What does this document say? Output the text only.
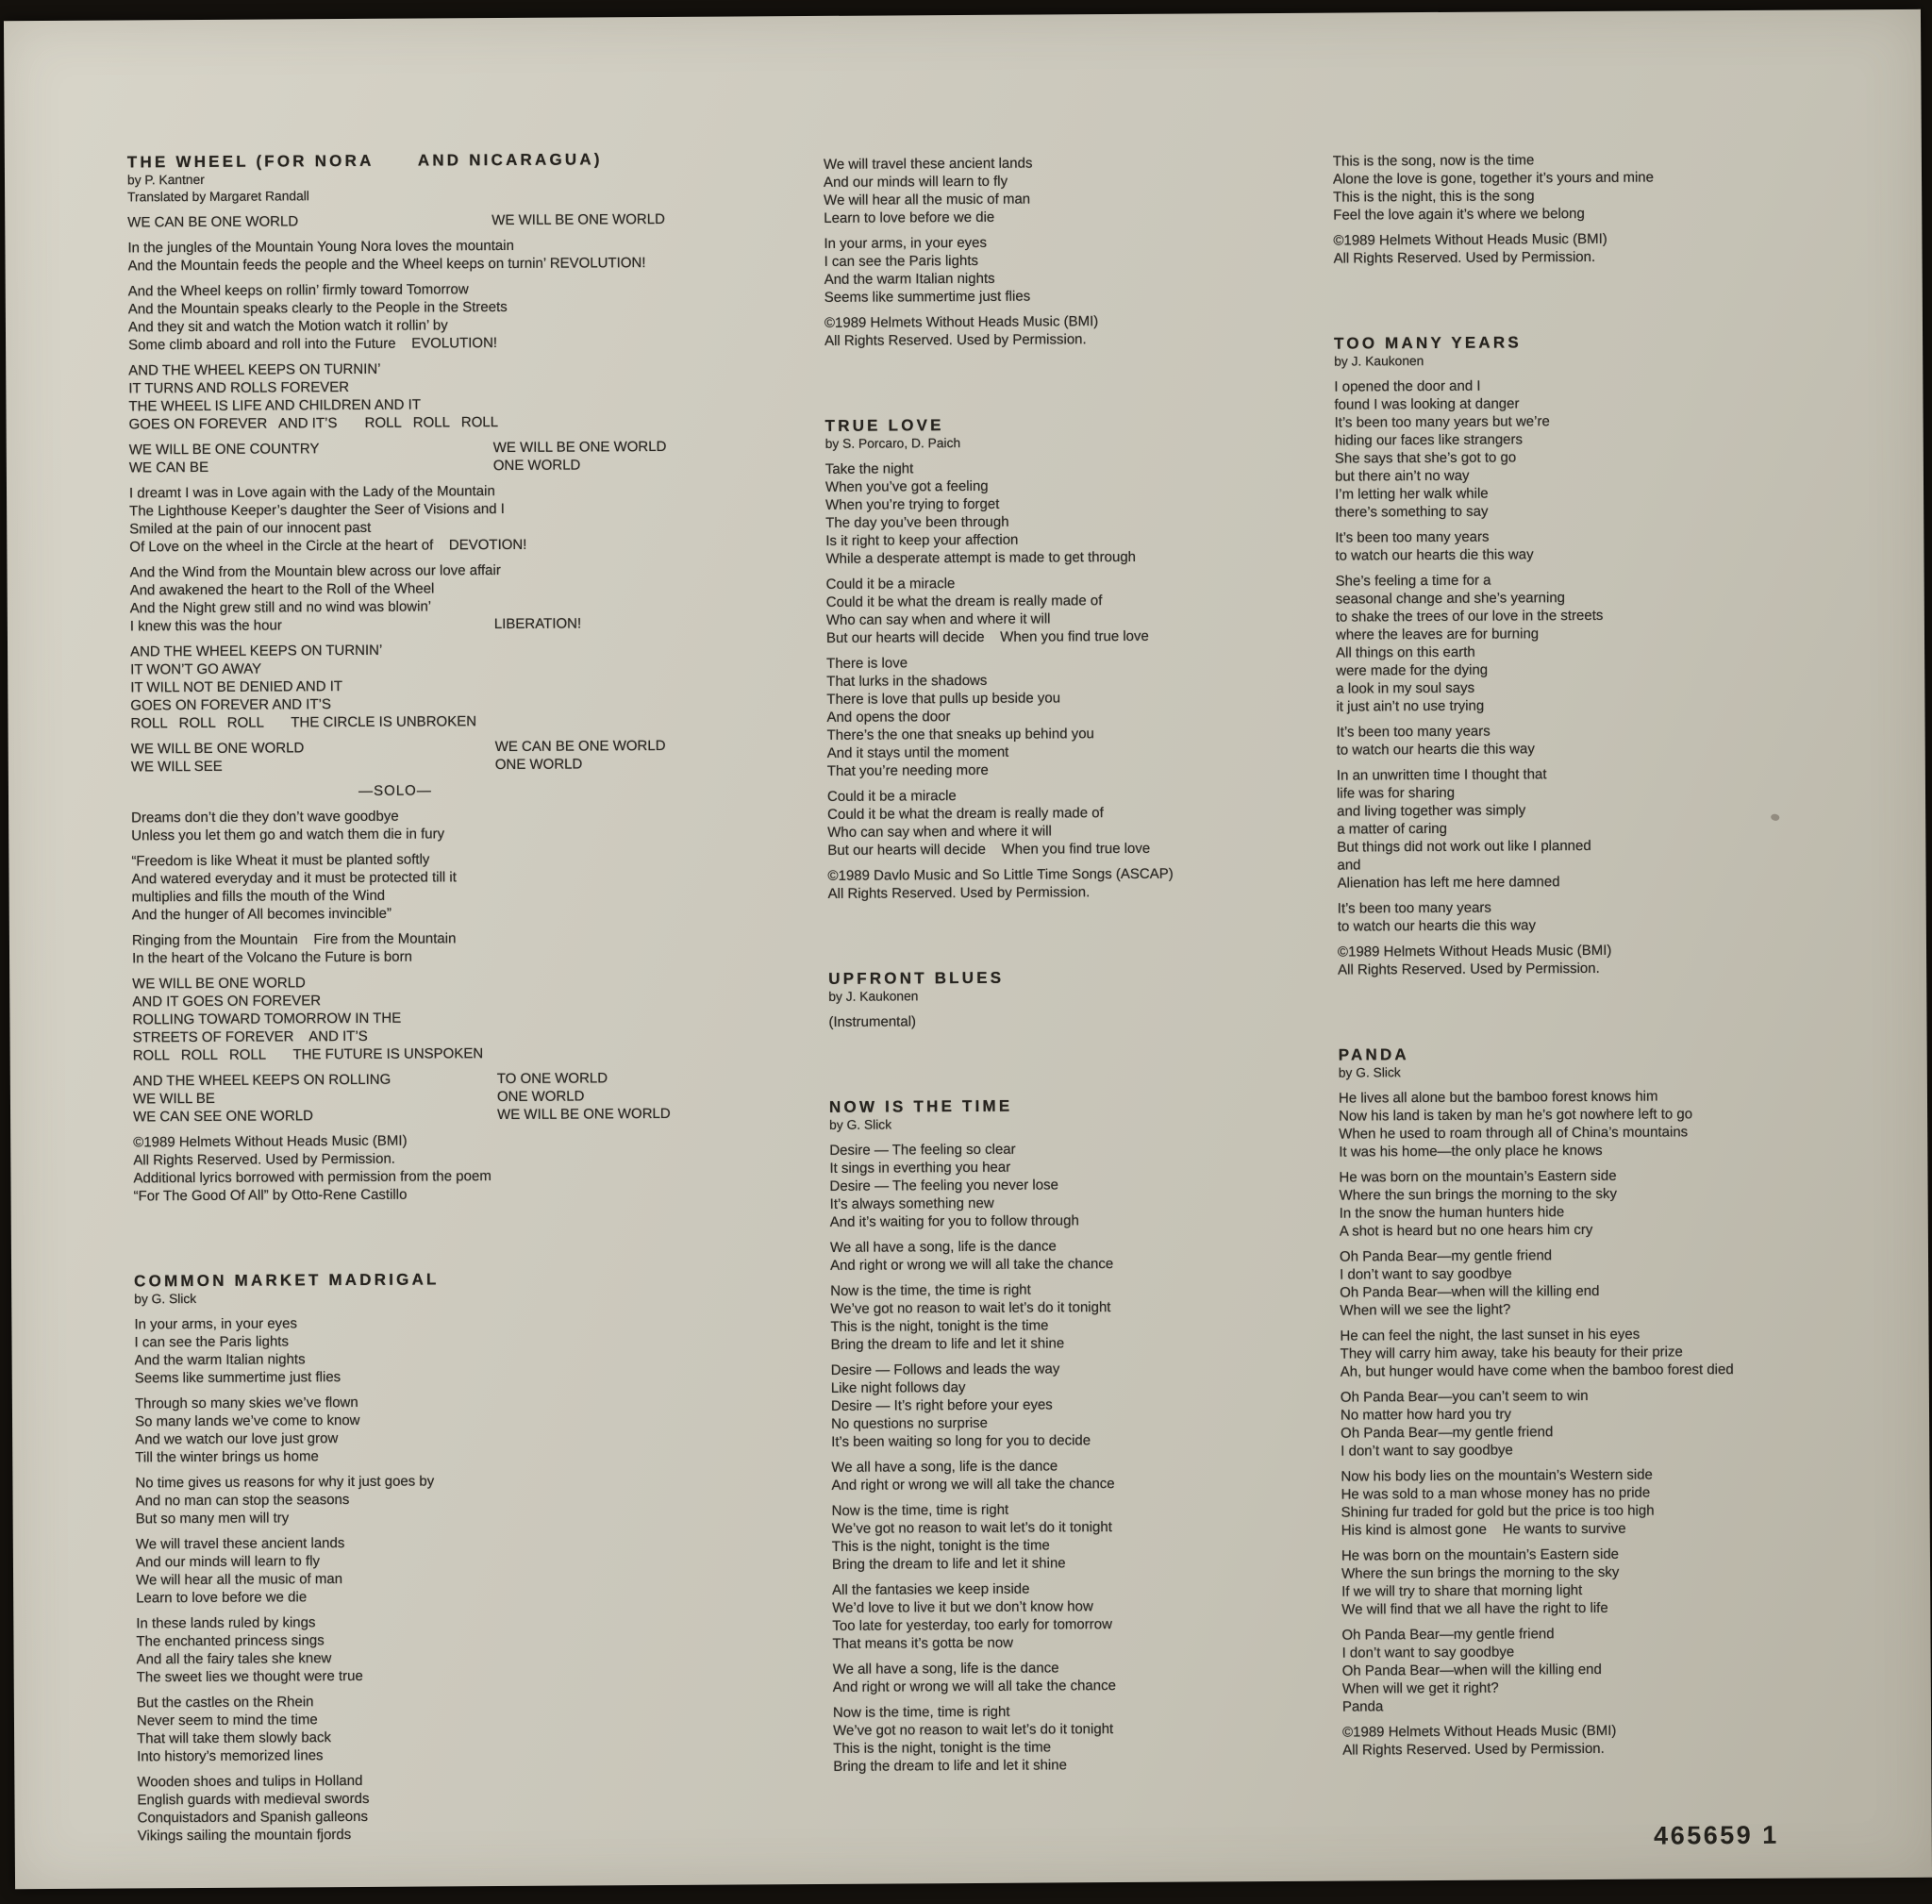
THE WHEEL (FOR NORA      AND NICARAGUA)
by P. Kantner
Translated by Margaret Randall
WE CAN BE ONE WORLD	WE WILL BE ONE WORLD
In the jungles of the Mountain Young Nora loves the mountain
And the Mountain feeds the people and the Wheel keeps on turnin’ REVOLUTION!
And the Wheel keeps on rollin’ firmly toward Tomorrow
And the Mountain speaks clearly to the People in the Streets
And they sit and watch the Motion watch it rollin’ by
Some climb aboard and roll into the Future    EVOLUTION!
AND THE WHEEL KEEPS ON TURNIN’
IT TURNS AND ROLLS FOREVER
THE WHEEL IS LIFE AND CHILDREN AND IT
GOES ON FOREVER   AND IT’S       ROLL   ROLL   ROLL
WE WILL BE ONE COUNTRY	WE WILL BE ONE WORLD
WE CAN BE	ONE WORLD
I dreamt I was in Love again with the Lady of the Mountain
The Lighthouse Keeper’s daughter the Seer of Visions and I
Smiled at the pain of our innocent past
Of Love on the wheel in the Circle at the heart of    DEVOTION!
And the Wind from the Mountain blew across our love affair
And awakened the heart to the Roll of the Wheel
And the Night grew still and no wind was blowin’
I knew this was the hour	LIBERATION!
AND THE WHEEL KEEPS ON TURNIN’
IT WON’T GO AWAY
IT WILL NOT BE DENIED AND IT
GOES ON FOREVER AND IT’S
ROLL   ROLL   ROLL       THE CIRCLE IS UNBROKEN
WE WILL BE ONE WORLD	WE CAN BE ONE WORLD
WE WILL SEE	ONE WORLD
—SOLO—
Dreams don’t die they don’t wave goodbye
Unless you let them go and watch them die in fury
“Freedom is like Wheat it must be planted softly
And watered everyday and it must be protected till it
multiplies and fills the mouth of the Wind
And the hunger of All becomes invincible”
Ringing from the Mountain    Fire from the Mountain
In the heart of the Volcano the Future is born
WE WILL BE ONE WORLD
AND IT GOES ON FOREVER
ROLLING TOWARD TOMORROW IN THE
STREETS OF FOREVER    AND IT’S
ROLL   ROLL   ROLL       THE FUTURE IS UNSPOKEN
AND THE WHEEL KEEPS ON ROLLING	TO ONE WORLD
WE WILL BE	ONE WORLD
WE CAN SEE ONE WORLD	WE WILL BE ONE WORLD
©1989 Helmets Without Heads Music (BMI)
All Rights Reserved. Used by Permission.
Additional lyrics borrowed with permission from the poem
“For The Good Of All” by Otto-Rene Castillo
COMMON MARKET MADRIGAL
by G. Slick
In your arms, in your eyes
I can see the Paris lights
And the warm Italian nights
Seems like summertime just flies
Through so many skies we’ve flown
So many lands we’ve come to know
And we watch our love just grow
Till the winter brings us home
No time gives us reasons for why it just goes by
And no man can stop the seasons
But so many men will try
We will travel these ancient lands
And our minds will learn to fly
We will hear all the music of man
Learn to love before we die
In these lands ruled by kings
The enchanted princess sings
And all the fairy tales she knew
The sweet lies we thought were true
But the castles on the Rhein
Never seem to mind the time
That will take them slowly back
Into history’s memorized lines
Wooden shoes and tulips in Holland
English guards with medieval swords
Conquistadors and Spanish galleons
Vikings sailing the mountain fjords
We will travel these ancient lands
And our minds will learn to fly
We will hear all the music of man
Learn to love before we die
In your arms, in your eyes
I can see the Paris lights
And the warm Italian nights
Seems like summertime just flies
©1989 Helmets Without Heads Music (BMI)
All Rights Reserved. Used by Permission.
TRUE LOVE
by S. Porcaro, D. Paich
Take the night
When you’ve got a feeling
When you’re trying to forget
The day you’ve been through
Is it right to keep your affection
While a desperate attempt is made to get through
Could it be a miracle
Could it be what the dream is really made of
Who can say when and where it will
But our hearts will decide    When you find true love
There is love
That lurks in the shadows
There is love that pulls up beside you
And opens the door
There’s the one that sneaks up behind you
And it stays until the moment
That you’re needing more
Could it be a miracle
Could it be what the dream is really made of
Who can say when and where it will
But our hearts will decide    When you find true love
©1989 Davlo Music and So Little Time Songs (ASCAP)
All Rights Reserved. Used by Permission.
UPFRONT BLUES
by J. Kaukonen
(Instrumental)
NOW IS THE TIME
by G. Slick
Desire — The feeling so clear
It sings in everthing you hear
Desire — The feeling you never lose
It’s always something new
And it’s waiting for you to follow through
We all have a song, life is the dance
And right or wrong we will all take the chance
Now is the time, the time is right
We’ve got no reason to wait let’s do it tonight
This is the night, tonight is the time
Bring the dream to life and let it shine
Desire — Follows and leads the way
Like night follows day
Desire — It’s right before your eyes
No questions no surprise
It’s been waiting so long for you to decide
We all have a song, life is the dance
And right or wrong we will all take the chance
Now is the time, time is right
We’ve got no reason to wait let’s do it tonight
This is the night, tonight is the time
Bring the dream to life and let it shine
All the fantasies we keep inside
We’d love to live it but we don’t know how
Too late for yesterday, too early for tomorrow
That means it’s gotta be now
We all have a song, life is the dance
And right or wrong we will all take the chance
Now is the time, time is right
We’ve got no reason to wait let’s do it tonight
This is the night, tonight is the time
Bring the dream to life and let it shine
This is the song, now is the time
Alone the love is gone, together it’s yours and mine
This is the night, this is the song
Feel the love again it’s where we belong
©1989 Helmets Without Heads Music (BMI)
All Rights Reserved. Used by Permission.
TOO MANY YEARS
by J. Kaukonen
I opened the door and I
found I was looking at danger
It’s been too many years but we’re
hiding our faces like strangers
She says that she’s got to go
but there ain’t no way
I’m letting her walk while
there’s something to say
It’s been too many years
to watch our hearts die this way
She’s feeling a time for a
seasonal change and she’s yearning
to shake the trees of our love in the streets
where the leaves are for burning
All things on this earth
were made for the dying
a look in my soul says
it just ain’t no use trying
It’s been too many years
to watch our hearts die this way
In an unwritten time I thought that
life was for sharing
and living together was simply
a matter of caring
But things did not work out like I planned
and
Alienation has left me here damned
It’s been too many years
to watch our hearts die this way
©1989 Helmets Without Heads Music (BMI)
All Rights Reserved. Used by Permission.
PANDA
by G. Slick
He lives all alone but the bamboo forest knows him
Now his land is taken by man he’s got nowhere left to go
When he used to roam through all of China’s mountains
It was his home—the only place he knows
He was born on the mountain’s Eastern side
Where the sun brings the morning to the sky
In the snow the human hunters hide
A shot is heard but no one hears him cry
Oh Panda Bear—my gentle friend
I don’t want to say goodbye
Oh Panda Bear—when will the killing end
When will we see the light?
He can feel the night, the last sunset in his eyes
They will carry him away, take his beauty for their prize
Ah, but hunger would have come when the bamboo forest died
Oh Panda Bear—you can’t seem to win
No matter how hard you try
Oh Panda Bear—my gentle friend
I don’t want to say goodbye
Now his body lies on the mountain’s Western side
He was sold to a man whose money has no pride
Shining fur traded for gold but the price is too high
His kind is almost gone    He wants to survive
He was born on the mountain’s Eastern side
Where the sun brings the morning to the sky
If we will try to share that morning light
We will find that we all have the right to life
Oh Panda Bear—my gentle friend
I don’t want to say goodbye
Oh Panda Bear—when will the killing end
When will we get it right?
Panda
©1989 Helmets Without Heads Music (BMI)
All Rights Reserved. Used by Permission.
465659 1
